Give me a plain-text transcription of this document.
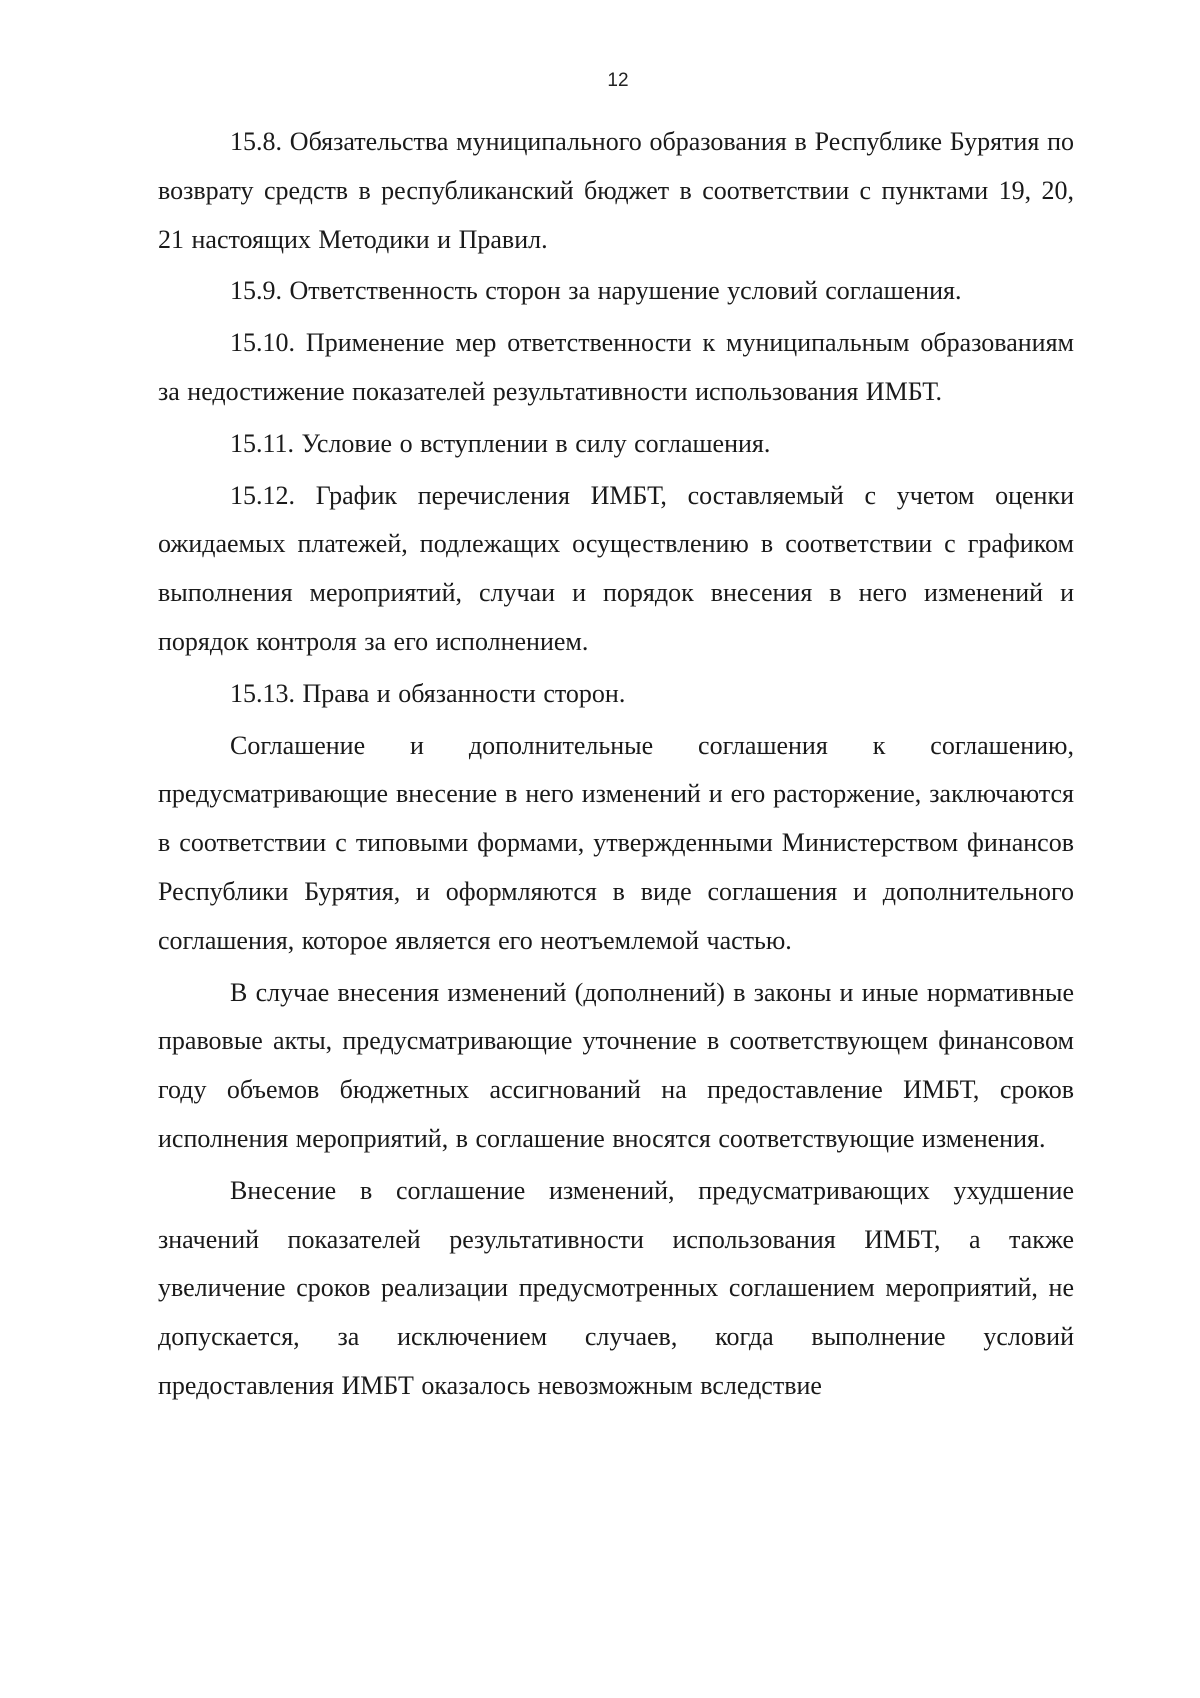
12

15.8. Обязательства муниципального образования в Республике Бурятия по возврату средств в республиканский бюджет в соответствии с пунктами 19, 20, 21 настоящих Методики и Правил.

15.9. Ответственность сторон за нарушение условий соглашения.

15.10. Применение мер ответственности к муниципальным образованиям за недостижение показателей результативности использования ИМБТ.

15.11. Условие о вступлении в силу соглашения.

15.12. График перечисления ИМБТ, составляемый с учетом оценки ожидаемых платежей, подлежащих осуществлению в соответствии с графиком выполнения мероприятий, случаи и порядок внесения в него изменений и порядок контроля за его исполнением.

15.13. Права и обязанности сторон.

Соглашение и дополнительные соглашения к соглашению, предусматривающие внесение в него изменений и его расторжение, заключаются в соответствии с типовыми формами, утвержденными Министерством финансов Республики Бурятия, и оформляются в виде соглашения и дополнительного соглашения, которое является его неотъемлемой частью.

В случае внесения изменений (дополнений) в законы и иные нормативные правовые акты, предусматривающие уточнение в соответствующем финансовом году объемов бюджетных ассигнований на предоставление ИМБТ, сроков исполнения мероприятий, в соглашение вносятся соответствующие изменения.

Внесение в соглашение изменений, предусматривающих ухудшение значений показателей результативности использования ИМБТ, а также увеличение сроков реализации предусмотренных соглашением мероприятий, не допускается, за исключением случаев, когда выполнение условий предоставления ИМБТ оказалось невозможным вследствие
